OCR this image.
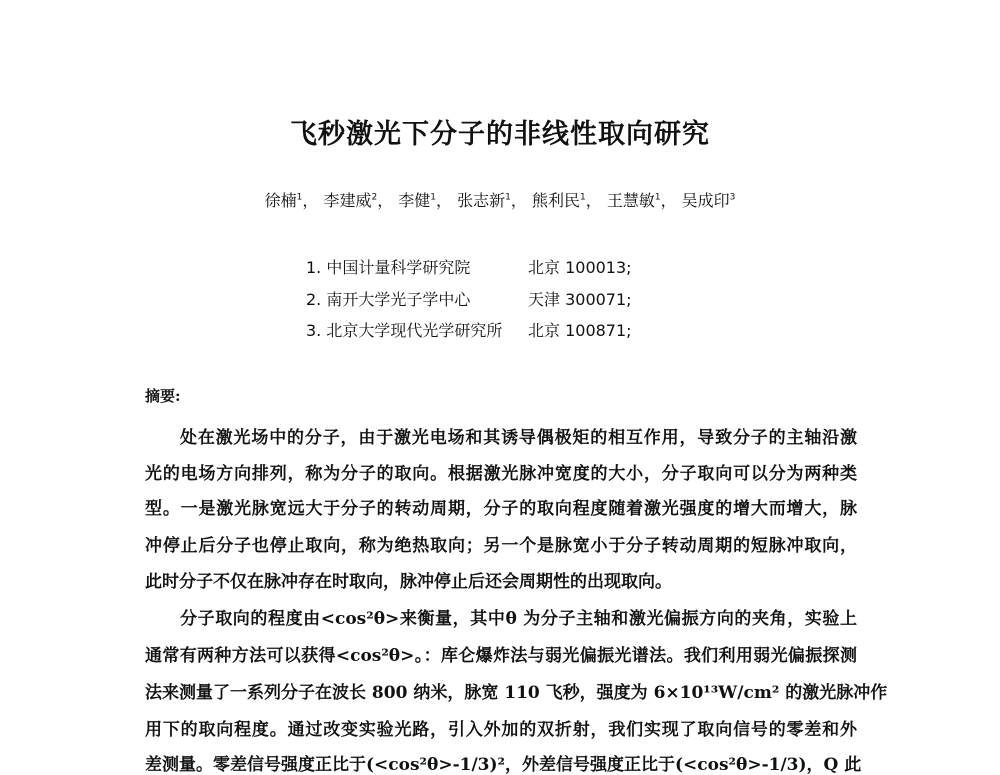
飞秒激光下分子的非线性取向研究
徐楠$^1$， 李建威$^2$， 李健$^1$， 张志新$^1$， 熊利民$^1$， 王慧敏$^1$， 吴成印$^3$
1. 中国计量科学研究院	北京 100013;
2. 南开大学光子学中心	天津 300071;
3. 北京大学现代光学研究所 北京 100871;
摘要:
处在激光场中的分子，由于激光电场和其诱导偶极矩的相互作用，导致分子的主轴沿激
光的电场方向排列，称为分子的取向。根据激光脉冲宽度的大小，分子取向可以分为两种类
型。一是激光脉宽远大于分子的转动周期，分子的取向程度随着激光强度的增大而增大，脉
冲停止后分子也停止取向，称为绝热取向；另一个是脉宽小于分子转动周期的短脉冲取向，
此时分子不仅在脉冲存在时取向，脉冲停止后还会周期性的出现取向。
分子取向的程度由<cos²θ>来衡量，其中θ 为分子主轴和激光偏振方向的夹角，实验上
通常有两种方法可以获得<cos²θ>。：库仑爆炸法与弱光偏振光谱法。我们利用弱光偏振探测
法来测量了一系列分子在波长 800 纳米，脉宽 110 飞秒，强度为 6×10¹³W/cm² 的激光脉冲作
用下的取向程度。通过改变实验光路，引入外加的双折射，我们实现了取向信号的零差和外
差测量。零差信号强度正比于(<cos²θ>-1/3)²，外差信号强度正比于(<cos²θ>-1/3)，Q 此
